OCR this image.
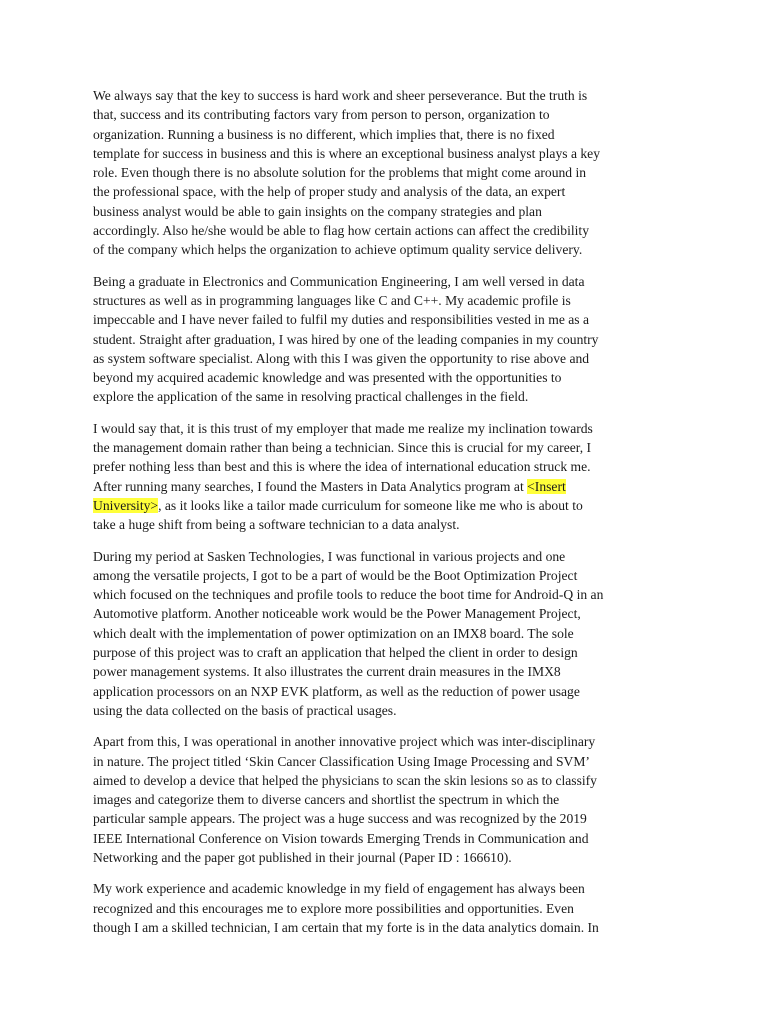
We always say that the key to success is hard work and sheer perseverance. But the truth is
that, success and its contributing factors vary from person to person, organization to
organization. Running a business is no different, which implies that, there is no fixed
template for success in business and this is where an exceptional business analyst plays a key
role. Even though there is no absolute solution for the problems that might come around in
the professional space, with the help of proper study and analysis of the data, an expert
business analyst would be able to gain insights on the company strategies and plan
accordingly. Also he/she would be able to flag how certain actions can affect the credibility
of the company which helps the organization to achieve optimum quality service delivery.

Being a graduate in Electronics and Communication Engineering, I am well versed in data
structures as well as in programming languages like C and C++. My academic profile is
impeccable and I have never failed to fulfil my duties and responsibilities vested in me as a
student. Straight after graduation, I was hired by one of the leading companies in my country
as system software specialist. Along with this I was given the opportunity to rise above and
beyond my acquired academic knowledge and was presented with the opportunities to
explore the application of the same in resolving practical challenges in the field.

I would say that, it is this trust of my employer that made me realize my inclination towards
the management domain rather than being a technician. Since this is crucial for my career, I
prefer nothing less than best and this is where the idea of international education struck me.
After running many searches, I found the Masters in Data Analytics program at <Insert
University>, as it looks like a tailor made curriculum for someone like me who is about to
take a huge shift from being a software technician to a data analyst.

During my period at Sasken Technologies, I was functional in various projects and one
among the versatile projects, I got to be a part of would be the Boot Optimization Project
which focused on the techniques and profile tools to reduce the boot time for Android-Q in an
Automotive platform. Another noticeable work would be the Power Management Project,
which dealt with the implementation of power optimization on an IMX8 board. The sole
purpose of this project was to craft an application that helped the client in order to design
power management systems. It also illustrates the current drain measures in the IMX8
application processors on an NXP EVK platform, as well as the reduction of power usage
using the data collected on the basis of practical usages.

Apart from this, I was operational in another innovative project which was inter-disciplinary
in nature. The project titled ‘Skin Cancer Classification Using Image Processing and SVM’
aimed to develop a device that helped the physicians to scan the skin lesions so as to classify
images and categorize them to diverse cancers and shortlist the spectrum in which the
particular sample appears. The project was a huge success and was recognized by the 2019
IEEE International Conference on Vision towards Emerging Trends in Communication and
Networking and the paper got published in their journal (Paper ID : 166610).

My work experience and academic knowledge in my field of engagement has always been
recognized and this encourages me to explore more possibilities and opportunities. Even
though I am a skilled technician, I am certain that my forte is in the data analytics domain. In
